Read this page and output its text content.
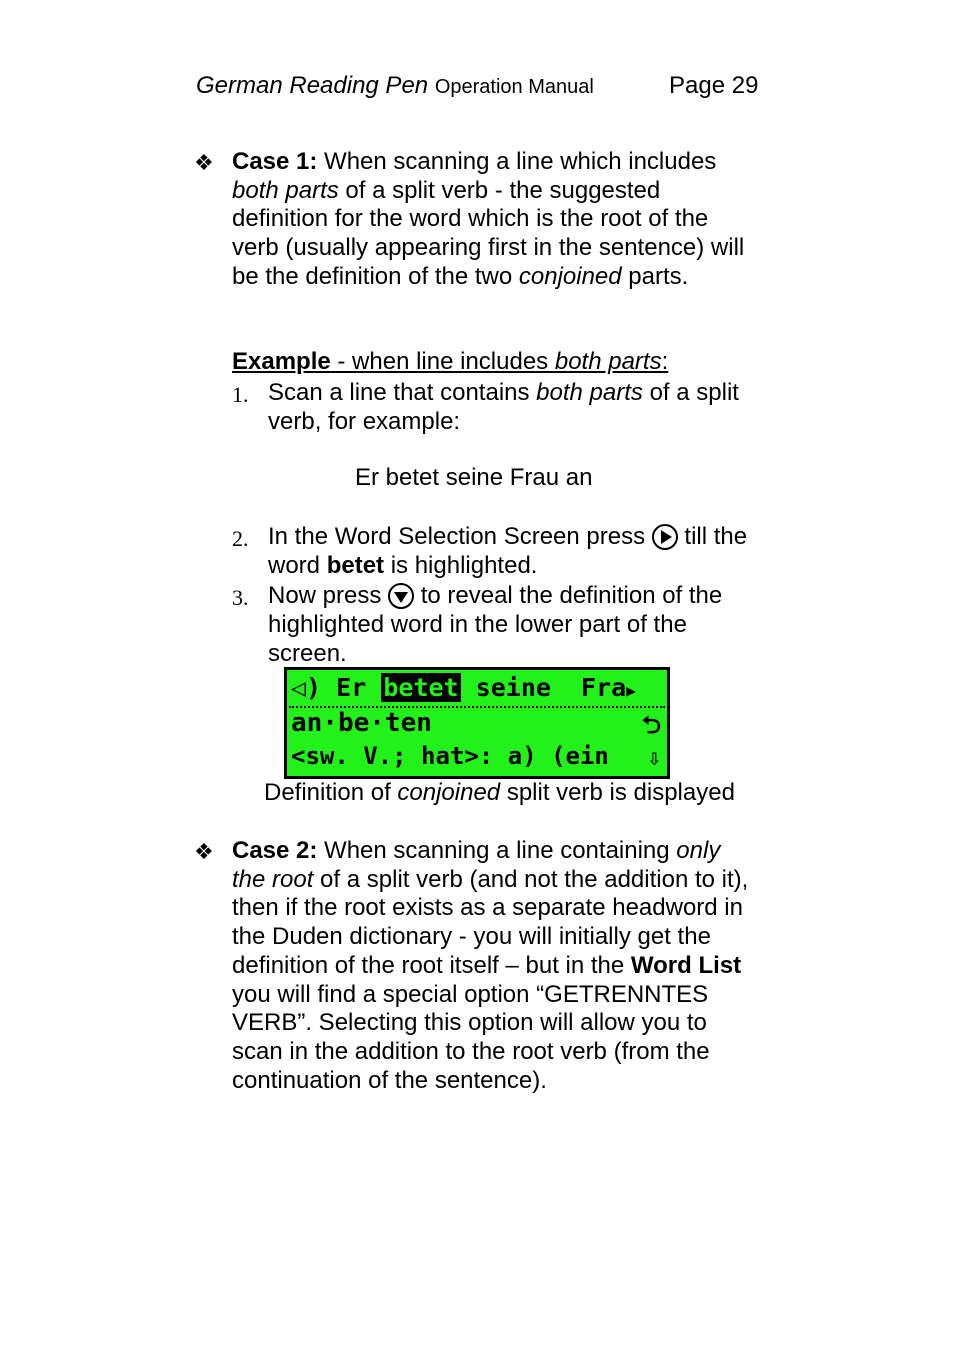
German Reading Pen Operation Manual	Page 29
❖ Case 1: When scanning a line which includes both parts of a split verb - the suggested definition for the word which is the root of the verb (usually appearing first in the sentence) will be the definition of the two conjoined parts.
Example - when line includes both parts:
1. Scan a line that contains both parts of a split verb, for example:
Er betet seine Frau an
2. In the Word Selection Screen press
till the word betet is highlighted.
3. Now press
to reveal the definition of the highlighted word in the lower part of the screen.
◁) Er betet seine  Fra▶
an·be·ten
<sw. V.; hat>: a) (ein
⮌
⇩
Definition of conjoined split verb is displayed
❖ Case 2: When scanning a line containing only the root of a split verb (and not the addition to it), then if the root exists as a separate headword in the Duden dictionary - you will initially get the definition of the root itself – but in the Word List you will find a special option “GETRENNTES VERB”. Selecting this option will allow you to scan in the addition to the root verb (from the continuation of the sentence).
